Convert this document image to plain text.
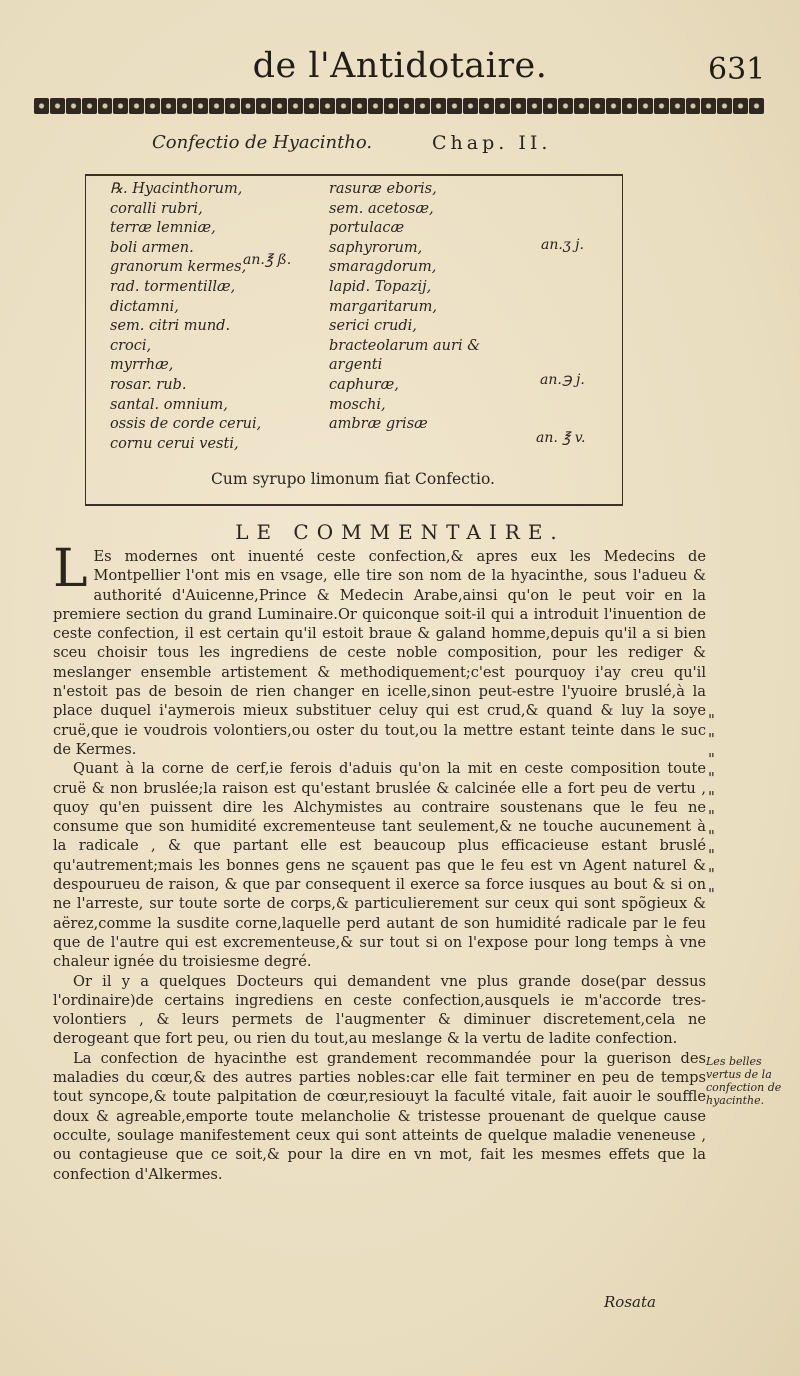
de l'Antidotaire.	631
Confectio de Hyacintho.	Chap. II.
℞. Hyacinthorum,
coralli rubri,
terræ lemniæ,
boli armen.
granorum kermes,
rad. tormentillæ,
dictamni,
sem. citri mund.
croci,
myrrhæ,
rosar. rub.
santal. omnium,
ossis de corde cerui,
cornu cerui vesti,
rasuræ eboris,
sem. acetosæ,
portulacæ
saphyrorum,
smaragdorum,
lapid. Topazij,
margaritarum,
serici crudi,
bracteolarum auri &
argenti
caphuræ,
moschi,
ambræ grisæ
an.℥ ß.
an.ʒ j.
an.℈ j.
an. ℥ v.
Cum syrupo limonum fiat Confectio.
LE COMMENTAIRE.

L Es modernes ont inuenté ceste confection,& apres eux les Medecins de Montpellier l'ont mis en vsage, elle tire son nom de la hyacinthe, sous l'adueu & authorité d'Auicenne,Prince & Medecin Arabe,ainsi qu'on le peut voir en la premiere section du grand Luminaire.Or quiconque soit-il qui a introduit l'inuention de ceste confection, il est certain qu'il estoit braue & galand homme,depuis qu'il a si bien sceu choisir tous les ingrediens de ceste noble composition, pour les rediger & meslanger ensemble artistement & methodiquement;c'est pourquoy i'ay creu qu'il n'estoit pas de besoin de rien changer en icelle,sinon peut-estre l'yuoire bruslé,à la place duquel i'aymerois mieux substituer celuy qui est crud,& quand & luy la soye cruë,que ie voudrois volontiers,ou oster du tout,ou la mettre estant teinte dans le suc de Kermes.

Quant à la corne de cerf,ie ferois d'aduis qu'on la mit en ceste composition toute cruë & non bruslée;la raison est qu'estant bruslée & calcinée elle a fort peu de vertu , quoy qu'en puissent dire les Alchymistes au contraire soustenans que le feu ne consume que son humidité excrementeuse tant seulement,& ne touche aucunement à la radicale , & que partant elle est beaucoup plus efficacieuse estant bruslé qu'autrement;mais les bonnes gens ne sçauent pas que le feu est vn Agent naturel & despourueu de raison, & que par consequent il exerce sa force iusques au bout & si on ne l'arreste, sur toute sorte de corps,& particulierement sur ceux qui sont spõgieux & aërez,comme la susdite corne,laquelle perd autant de son humidité radicale par le feu que de l'autre qui est excrementeuse,& sur tout si on l'expose pour long temps à vne chaleur ignée du troisiesme degré.

Or il y a quelques Docteurs qui demandent vne plus grande dose(par dessus l'ordinaire)de certains ingrediens en ceste confection,ausquels ie m'accorde tres-volontiers , & leurs permets de l'augmenter & diminuer discretement,cela ne derogeant que fort peu, ou rien du tout,au meslange & la vertu de ladite confection.

La confection de hyacinthe est grandement recommandée pour la guerison des maladies du cœur,& des autres parties nobles:car elle fait terminer en peu de temps tout syncope,& toute palpitation de cœur,resiouyt la faculté vitale, fait auoir le souffle doux & agreable,emporte toute melancholie & tristesse prouenant de quelque cause occulte, soulage manifestement ceux qui sont atteints de quelque maladie veneneuse , ou contagieuse que ce soit,& pour la dire en vn mot, fait les mesmes effets que la confection d'Alkermes.

"
"
"
"
"
"
"
"
"
"
Les belles vertus de la confection de hyacinthe.
Rosata
